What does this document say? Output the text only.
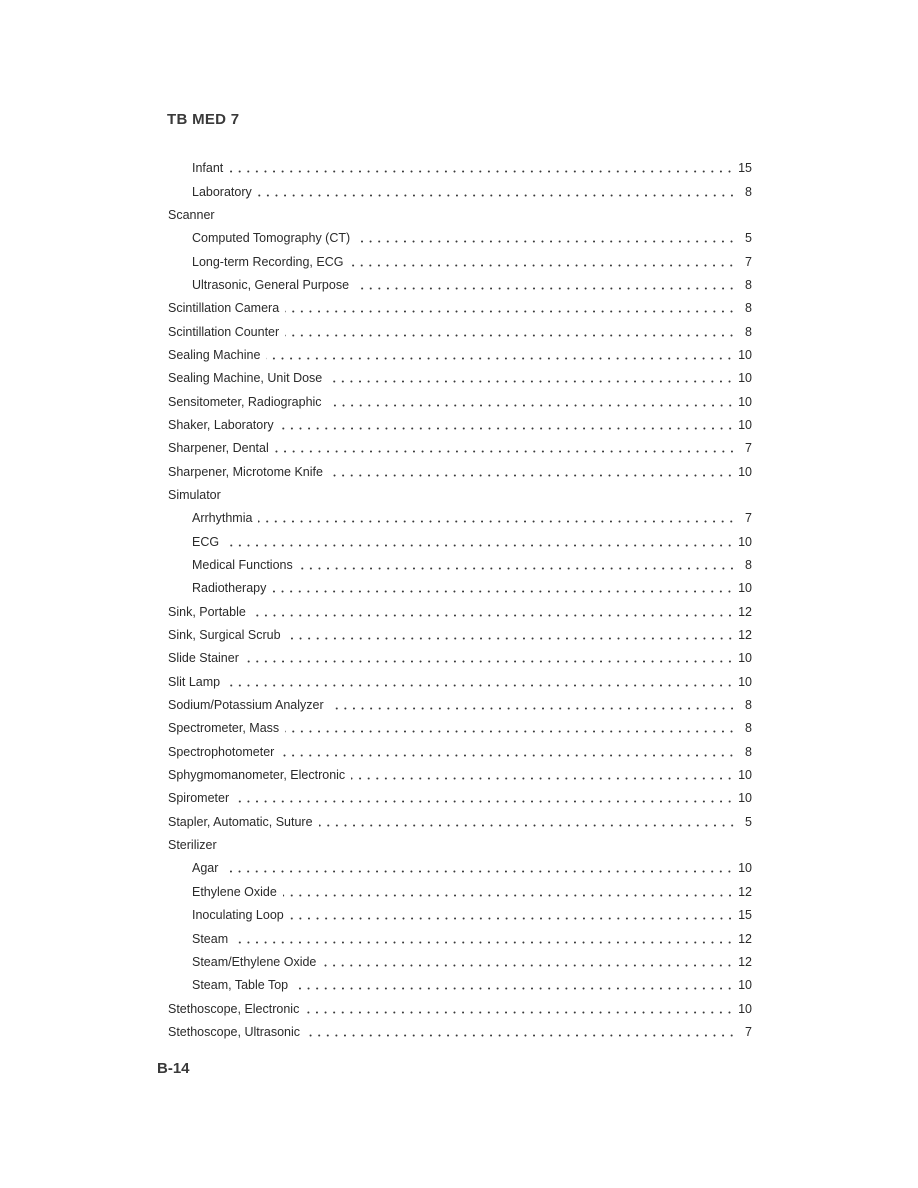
TB MED 7
Infant	15
Laboratory	8
Scanner
Computed Tomography (CT)	5
Long-term Recording, ECG	7
Ultrasonic, General Purpose	8
Scintillation Camera	8
Scintillation Counter	8
Sealing Machine	10
Sealing Machine, Unit Dose	10
Sensitometer, Radiographic	10
Shaker, Laboratory	10
Sharpener, Dental	7
Sharpener, Microtome Knife	10
Simulator
Arrhythmia	7
ECG	10
Medical Functions	8
Radiotherapy	10
Sink, Portable	12
Sink, Surgical Scrub	12
Slide Stainer	10
Slit Lamp	10
Sodium/Potassium Analyzer	8
Spectrometer, Mass	8
Spectrophotometer	8
Sphygmomanometer, Electronic	10
Spirometer	10
Stapler, Automatic, Suture	5
Sterilizer
Agar	10
Ethylene Oxide	12
Inoculating Loop	15
Steam	12
Steam/Ethylene Oxide	12
Steam, Table Top	10
Stethoscope, Electronic	10
Stethoscope, Ultrasonic	7
B-14
